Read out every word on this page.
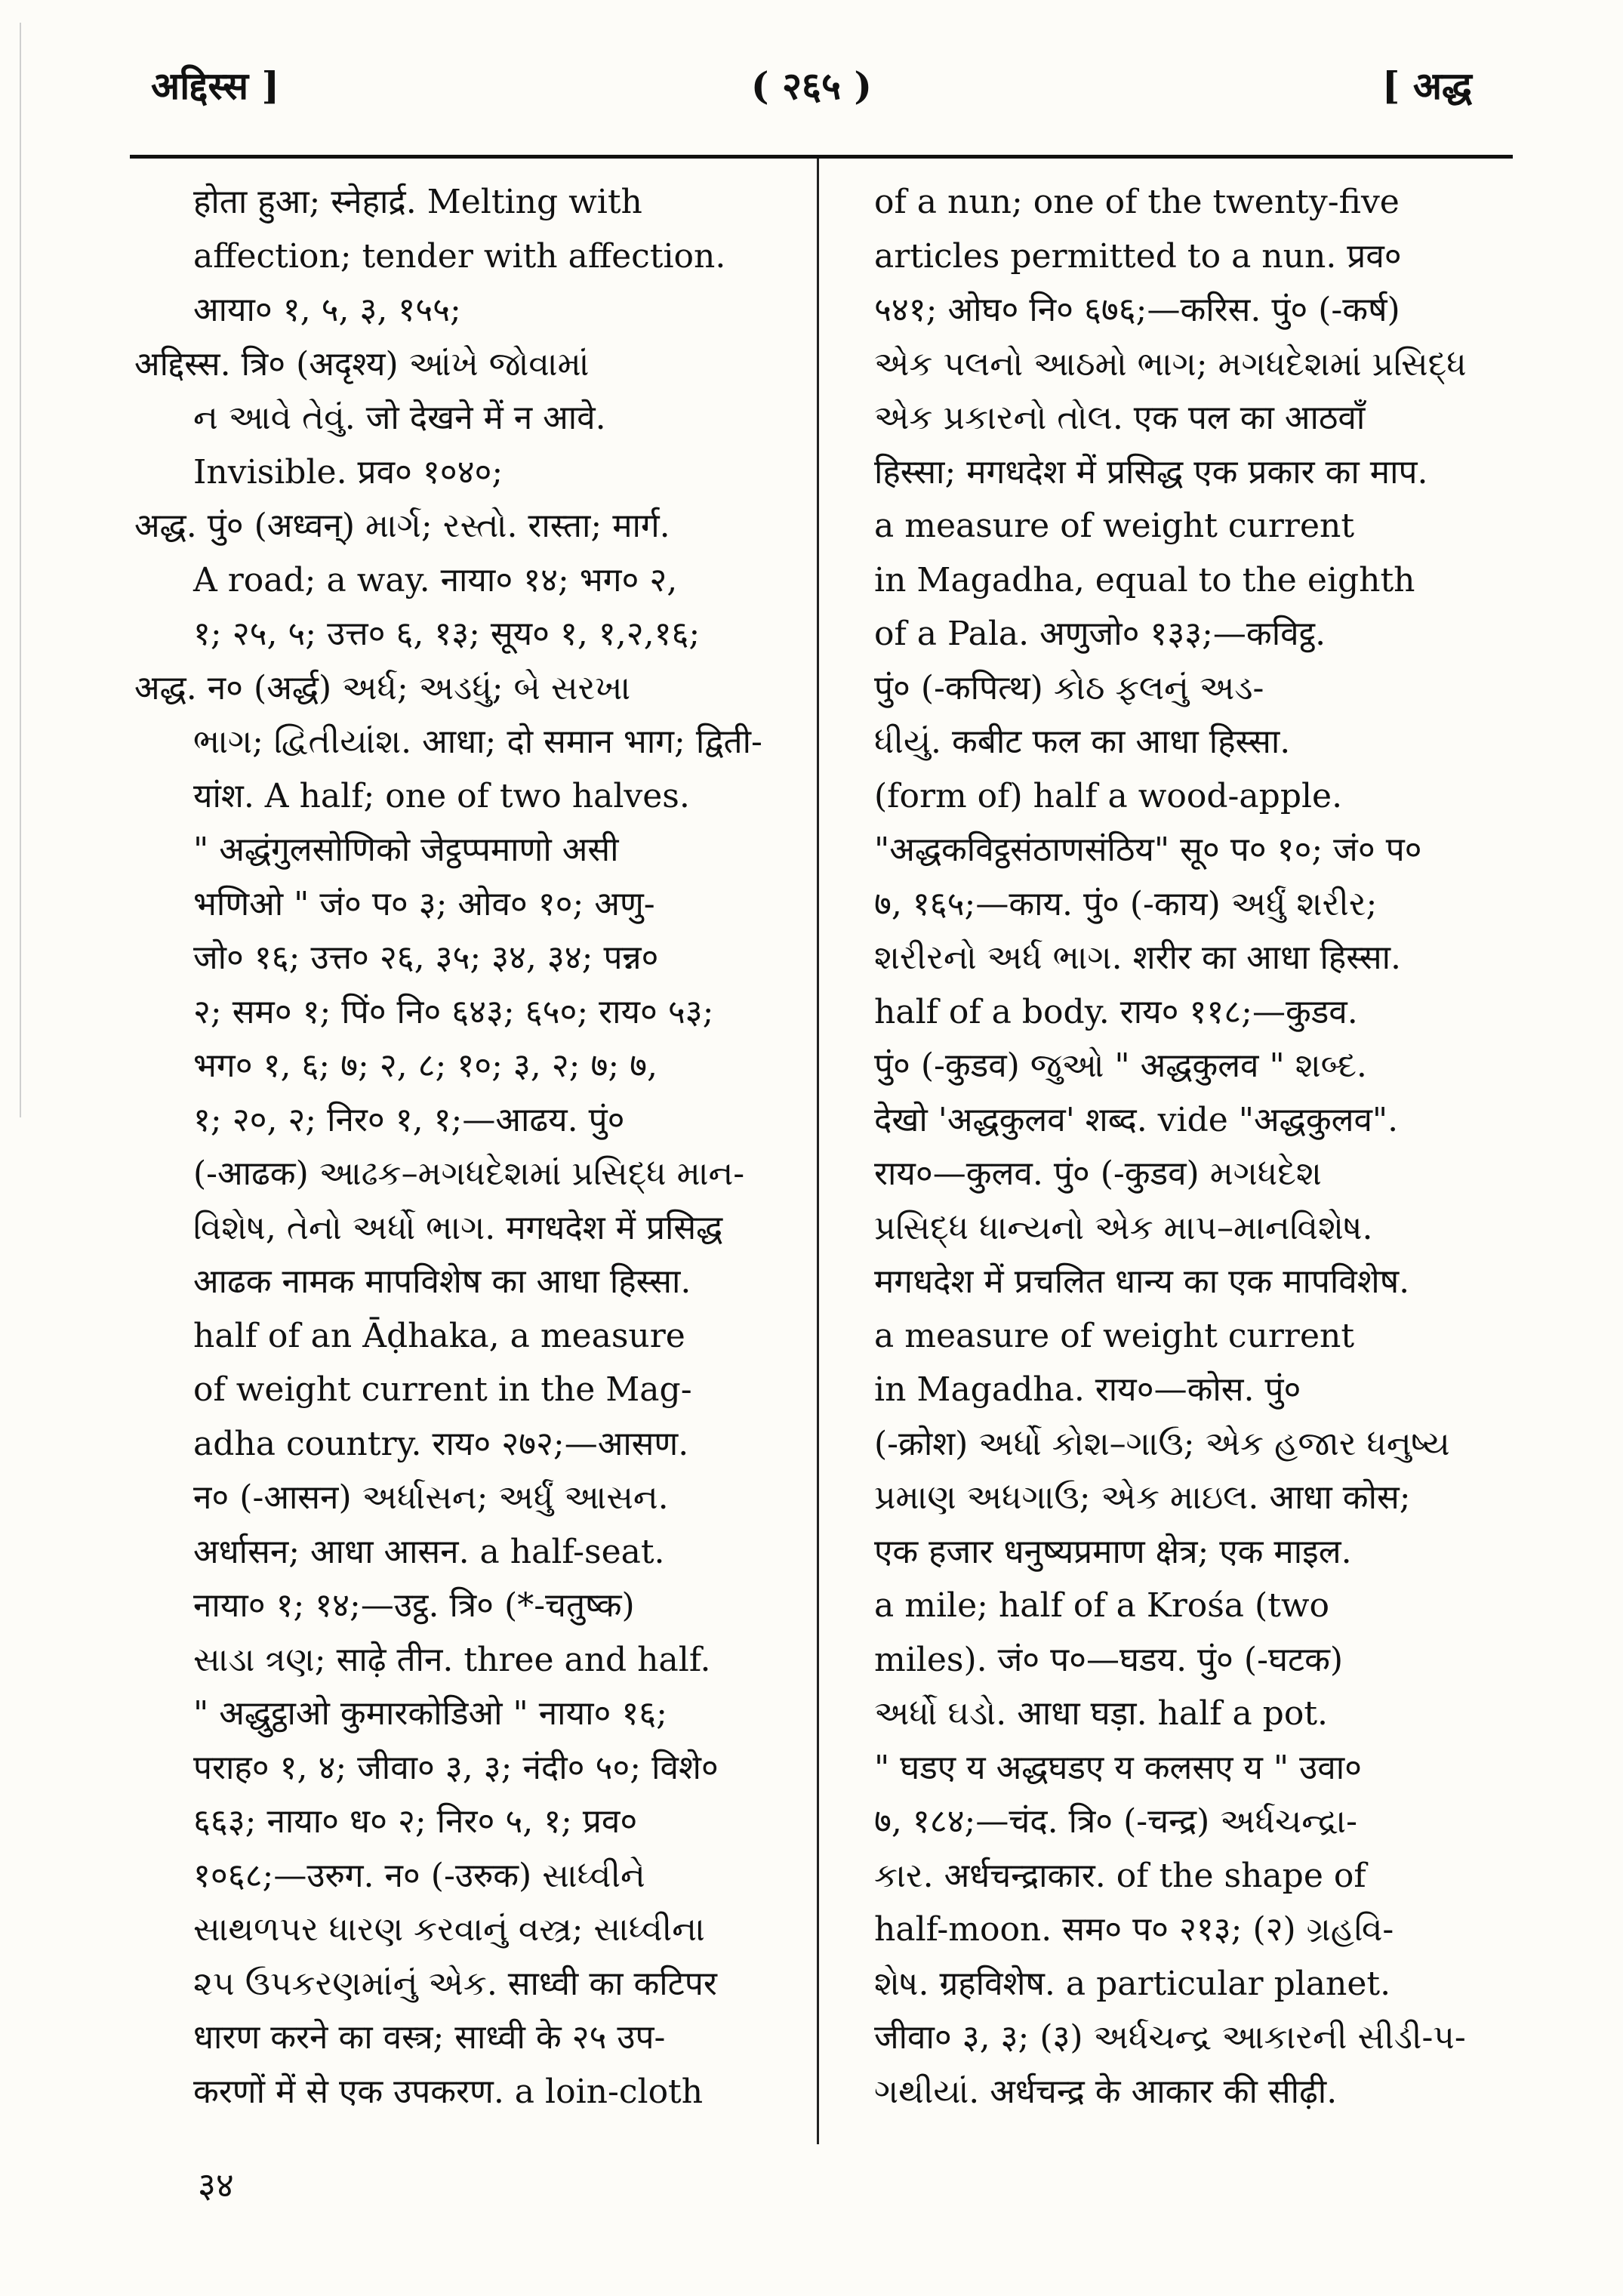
अद्दिस्स ]	( २६५ )	[ अद्ध
होता हुआ; स्नेहार्द्र. Melting with
affection; tender with affection.
आया० १, ५, ३, १५५;
अद्दिस्स. त्रि० (अदृश्य) આંખે જોવામાં
ન આવે તેવું. जो देखने में न आवे.
Invisible. प्रव० १०४०;
अद्ध. पुं० (अध्वन्) માર્ગ; રસ્તો. रास्ता; मार्ग.
A road; a way. नाया० १४; भग० २,
१; २५, ५; उत्त० ६, १३; सूय० १, १,२,१६;
अद्ध. न० (अर्द्ध) અર્ધ; અડધું; બે સરખા
ભાગ; દ્વિતીયાંશ. आधा; दो समान भाग; द्विती-
यांश. A half; one of two halves.
" अद्धंगुलसोणिको जेट्ठप्पमाणो असी
भणिओ " जं० प० ३; ओव० १०; अणु-
जो० १६; उत्त० २६, ३५; ३४, ३४; पन्न०
२; सम० १; पिं० नि० ६४३; ६५०; राय० ५३;
भग० १, ६; ७; २, ८; १०; ३, २; ७; ७,
१; २०, २; निर० १, १;—आढय. पुं०
(-आढक) આઢક–મગધદેશમાં પ્રસિદ્ધ માન-
વિશેષ, તેનો અર્ધો ભાગ. मगधदेश में प्रसिद्ध
आढक नामक मापविशेष का आधा हिस्सा.
half of an Āḍhaka, a measure
of weight current in the Mag-
adha country. राय० २७२;—आसण.
न० (-आसन) અર્ધાસન; અર્ધું આસન.
अर्धासन; आधा आसन. a half-seat.
नाया० १; १४;—उट्ठ. त्रि० (*-चतुष्क)
સાડા ત્રણ; साढ़े तीन. three and half.
" अद्धुट्ठाओ कुमारकोडिओ " नाया० १६;
पराह० १, ४; जीवा० ३, ३; नंदी० ५०; विशे०
६६३; नाया० ध० २; निर० ५, १; प्रव०
१०६८;—उरुग. न० (-उरुक) સાધ્વીને
સાથળપર ધારણ કરવાનું વસ્ત્ર; સાધ્વીના
૨૫ ઉપકરણમાંનું એક. साध्वी का कटिपर
धारण करने का वस्त्र; साध्वी के २५ उप-
करणों में से एक उपकरण. a loin-cloth
of a nun; one of the twenty-five
articles permitted to a nun. प्रव०
५४१; ओघ० नि० ६७६;—करिस. पुं० (-कर्ष)
એક પલનો આઠમો ભાગ; મગધદેશમાં પ્રસિદ્ધ
એક પ્રકારનો તોલ. एक पल का आठवाँ
हिस्सा; मगधदेश में प्रसिद्ध एक प्रकार का माप.
a measure of weight current
in Magadha, equal to the eighth
of a Pala. अणुजो० १३३;—कविट्ठ.
पुं० (-कपित्थ) કોઠ ફલનું અડ-
ધીયું. कबीट फल का आधा हिस्सा.
(form of) half a wood-apple.
"अद्धकविट्ठसंठाणसंठिय" सू० प० १०; जं० प०
७, १६५;—काय. पुं० (-काय) અર્ધું શરીર;
શરીરનો અર્ધ ભાગ. शरीर का आधा हिस्सा.
half of a body. राय० ११८;—कुडव.
पुं० (-कुडव) જુઓ " अद्धकुलव " શબ્દ.
देखो 'अद्धकुलव' शब्द. vide "अद्धकुलव".
राय०—कुलव. पुं० (-कुडव) મગધદેશ
પ્રસિદ્ધ ધાન્યનો એક માપ–માનવિશેષ.
मगधदेश में प्रचलित धान्य का एक मापविशेष.
a measure of weight current
in Magadha. राय०—कोस. पुं०
(-क्रोश) અર્ધો કોશ–ગાઉ; એક હજાર ધનુષ્ય
પ્રમાણ અધગાઉ; એક માઇલ. आधा कोस;
एक हजार धनुष्यप्रमाण क्षेत्र; एक माइल.
a mile; half of a Krośa (two
miles). जं० प०—घडय. पुं० (-घटक)
અર્ધો ઘડો. आधा घड़ा. half a pot.
" घडए य अद्धघडए य कलसए य " उवा०
७, १८४;—चंद. त्रि० (-चन्द्र) અર્ધચન્દ્રા-
કાર. अर्धचन्द्राकार. of the shape of
half-moon. सम० प० २१३; (२) ગ્રહવિ-
શેષ. ग्रहविशेष. a particular planet.
जीवा० ३, ३; (३) અર્ધચન્દ્ર આકારની સીડી-પ-
ગથીયાં. अर्धचन्द्र के आकार की सीढ़ी.
३४
